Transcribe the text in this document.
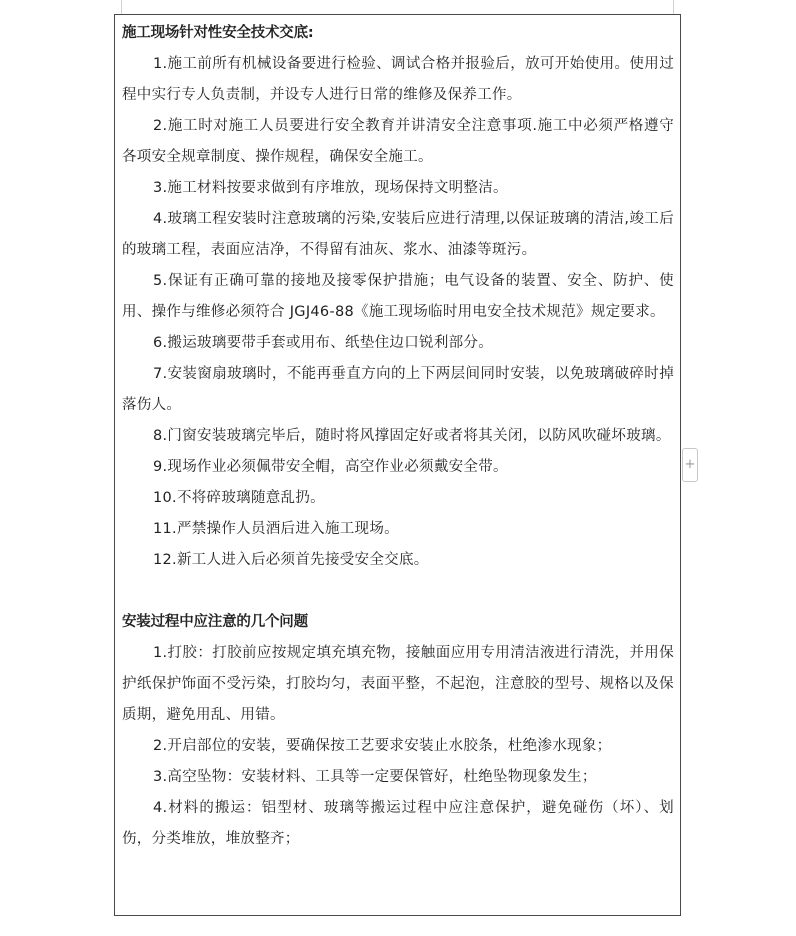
施工现场针对性安全技术交底:

1.施工前所有机械设备要进行检验、调试合格并报验后，放可开始使用。使用过程中实行专人负责制，并设专人进行日常的维修及保养工作。

2.施工时对施工人员要进行安全教育并讲清安全注意事项.施工中必须严格遵守各项安全规章制度、操作规程，确保安全施工。

3.施工材料按要求做到有序堆放，现场保持文明整洁。

4.玻璃工程安装时注意玻璃的污染,安装后应进行清理,以保证玻璃的清洁,竣工后的玻璃工程，表面应洁净，不得留有油灰、浆水、油漆等斑污。

5.保证有正确可靠的接地及接零保护措施；电气设备的装置、安全、防护、使用、操作与维修必须符合 JGJ46-88《施工现场临时用电安全技术规范》规定要求。

6.搬运玻璃要带手套或用布、纸垫住边口锐利部分。

7.安装窗扇玻璃时，不能再垂直方向的上下两层间同时安装，以免玻璃破碎时掉落伤人。

8.门窗安装玻璃完毕后，随时将风撑固定好或者将其关闭，以防风吹碰坏玻璃。

9.现场作业必须佩带安全帽，高空作业必须戴安全带。

10.不将碎玻璃随意乱扔。

11.严禁操作人员酒后进入施工现场。

12.新工人进入后必须首先接受安全交底。

安装过程中应注意的几个问题

1.打胶：打胶前应按规定填充填充物，接触面应用专用清洁液进行清洗，并用保护纸保护饰面不受污染，打胶均匀，表面平整，不起泡，注意胶的型号、规格以及保质期，避免用乱、用错。

2.开启部位的安装，要确保按工艺要求安装止水胶条，杜绝渗水现象；

3.高空坠物：安装材料、工具等一定要保管好，杜绝坠物现象发生；

4.材料的搬运：铝型材、玻璃等搬运过程中应注意保护，避免碰伤（坏）、划伤，分类堆放，堆放整齐；

+
